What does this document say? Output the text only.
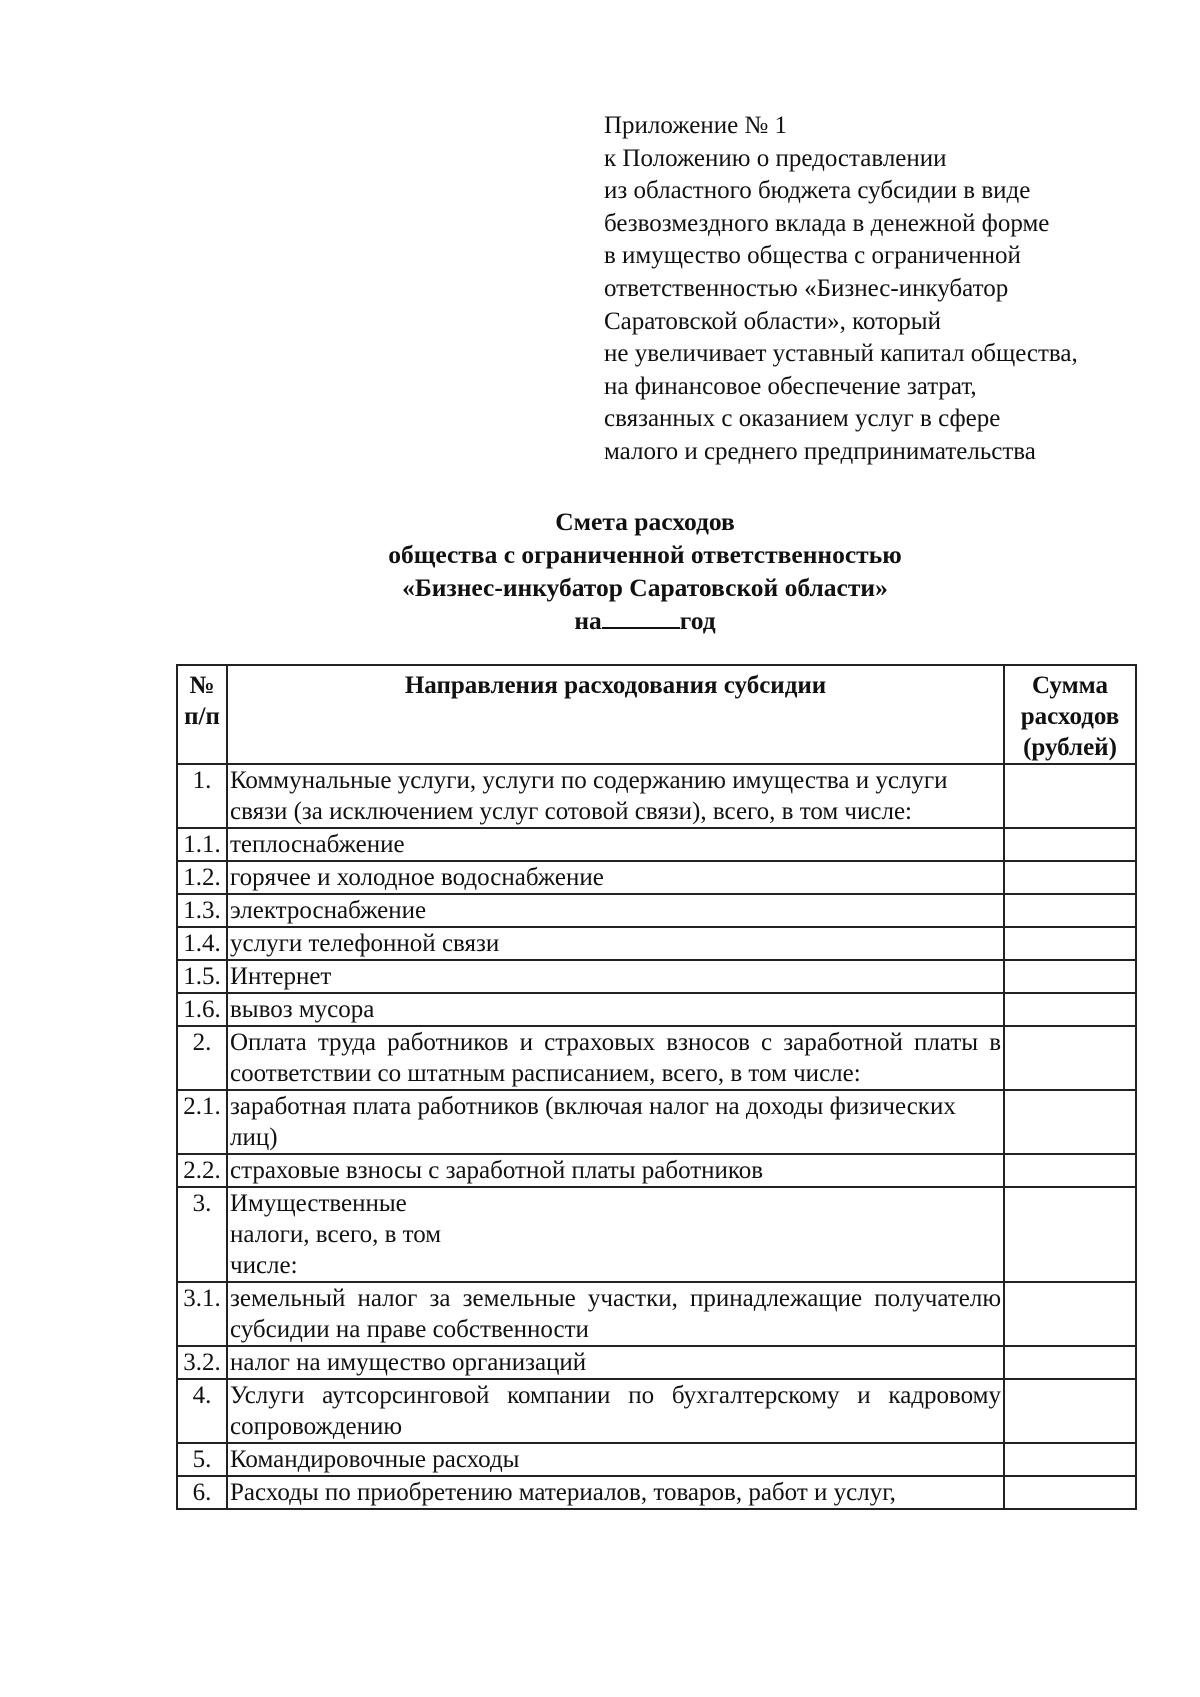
Приложение № 1
к Положению о предоставлении
из областного бюджета субсидии в виде
безвозмездного вклада в денежной форме
в имущество общества с ограниченной
ответственностью «Бизнес-инкубатор
Саратовской области», который
не увеличивает уставный капитал общества,
на финансовое обеспечение затрат,
связанных с оказанием услуг в сфере
малого и среднего предпринимательства
Смета расходов
общества с ограниченной ответственностью
«Бизнес-инкубатор Саратовской области»
на	год
№ п/п	Направления расходования субсидии	Сумма расходов (рублей)
1.	Коммунальные услуги, услуги по содержанию имущества и услуги связи (за исключением услуг сотовой связи), всего, в том числе:	
1.1.	теплоснабжение	
1.2.	горячее и холодное водоснабжение	
1.3.	электроснабжение	
1.4.	услуги телефонной связи	
1.5.	Интернет	
1.6.	вывоз мусора	
2.	Оплата труда работников и страховых взносов с заработной платы в соответствии со штатным расписанием, всего, в том числе:	
2.1.	заработная плата работников (включая налог на доходы физических лиц)	
2.2.	страховые взносы с заработной платы работников	
3.	Имущественные налоги, всего, в том числе:	
3.1.	земельный налог за земельные участки, принадлежащие получателю субсидии на праве собственности	
3.2.	налог на имущество организаций	
4.	Услуги аутсорсинговой компании по бухгалтерскому и кадровому сопровождению	
5.	Командировочные расходы	
6.	Расходы по приобретению материалов, товаров, работ и услуг,	
